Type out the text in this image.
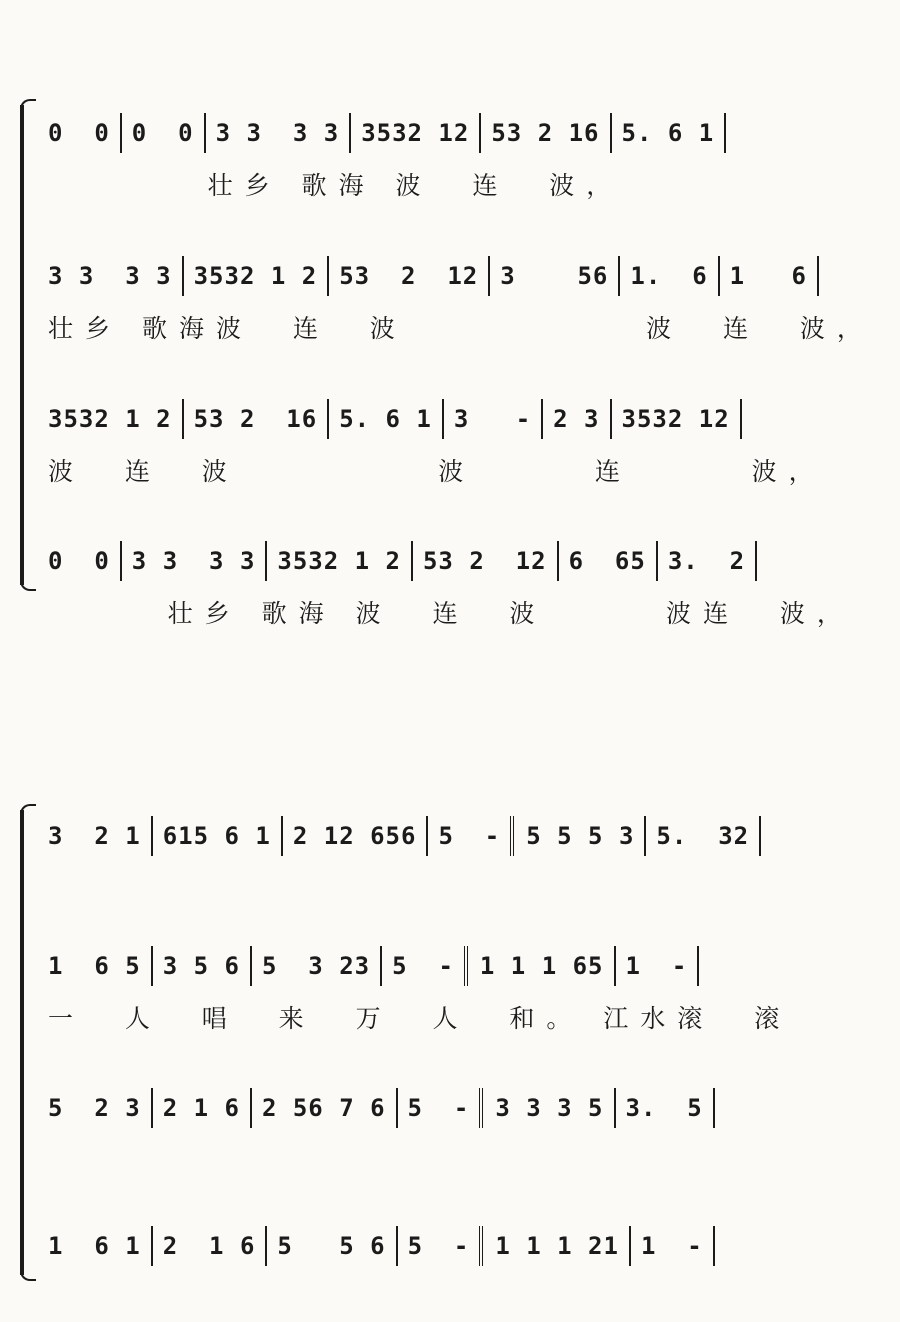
0  0 0  0 3 3  3 3 3532 12 53 2 16 5. 6 1
壮乡 歌海 波  连  波，
3 3  3 3 3532 1 2 53  2  12 3    56 1.  6 1   6
壮乡 歌海波  连  波            波  连  波，
3532 1 2 53 2  16 5. 6 1 3   - 2 3 3532 12
波  连  波          波      连      波，
0  0 3 3  3 3 3532 1 2 53 2  12 6  65 3.  2
壮乡 歌海 波  连  波      波连  波，
3  2 1 615 6 1 2 12 656 5  -	5 5 5 3 5.  32
1  6 5 3 5 6 5  3 23 5  -	1 1 1 65 1  -
一  人  唱  来  万  人  和。 江水滚  滚
5  2 3 2 1 6 2 56 7 6 5  -	3 3 3 5 3.  5
1  6 1 2  1 6 5   5 6 5  -	1 1 1 21 1  -
